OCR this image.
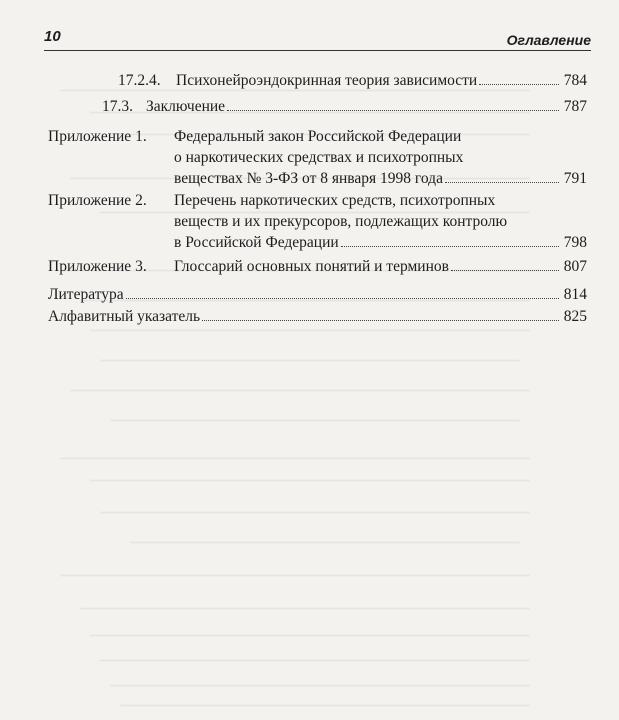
10	Оглавление
17.2.4. Психонейроэндокринная теория зависимости	784
17.3. Заключение	787
Приложение 1. Федеральный закон Российской Федерации
о наркотических средствах и психотропных
веществах № 3-ФЗ от 8 января 1998 года	791
Приложение 2. Перечень наркотических средств, психотропных
веществ и их прекурсоров, подлежащих контролю
в Российской Федерации	798
Приложение 3. Глоссарий основных понятий и терминов	807
Литература	814
Алфавитный указатель	825
